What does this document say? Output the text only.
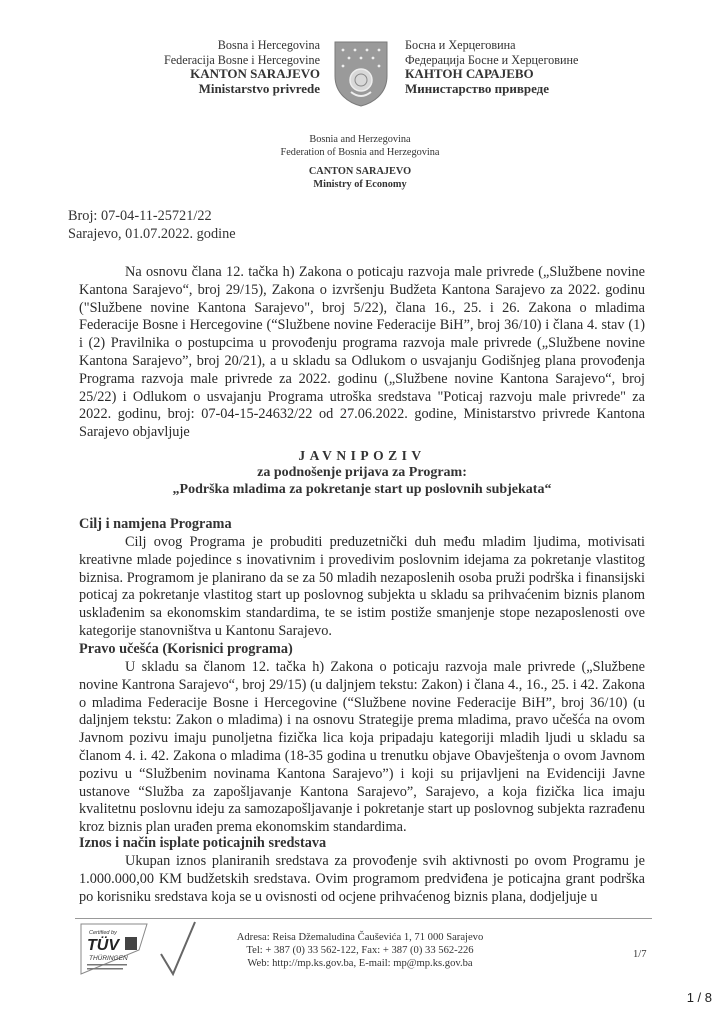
Bosna i Hercegovina
Federacija Bosne i Hercegovine
KANTON SARAJEVO
Ministarstvo privrede
Босна и Херцеговина
Федерација Босне и Херцеговине
КАНТОН САРАЈЕВО
Министарство привреде
Bosnia and Herzegovina
Federation of Bosnia and Herzegovina
CANTON SARAJEVO
Ministry of Economy
Broj: 07-04-11-25721/22
Sarajevo, 01.07.2022. godine

Na osnovu člana 12. tačka h) Zakona o poticaju razvoja male privrede („Službene novine Kantona Sarajevo“, broj 29/15), Zakona o izvršenju Budžeta Kantona Sarajevo za 2022. godinu ("Službene novine Kantona Sarajevo", broj 5/22), člana 16., 25. i 26. Zakona o mladima Federacije Bosne i Hercegovine (“Službene novine Federacije BiH”, broj 36/10) i člana 4. stav (1) i (2) Pravilnika o postupcima u provođenju programa razvoja male privrede („Službene novine Kantona Sarajevo”, broj 20/21), a u skladu sa Odlukom o usvajanju Godišnjeg plana provođenja Programa razvoja male privrede za 2022. godinu („Službene novine Kantona Sarajevo“, broj 25/22) i Odlukom o usvajanju Programa utroška sredstava "Poticaj razvoju male privrede" za 2022. godinu, broj: 07-04-15-24632/22 od 27.06.2022. godine, Ministarstvo privrede Kantona Sarajevo objavljuje

JAVNIPOZIV
za podnošenje prijava za Program:
„Podrška mladima za pokretanje start up poslovnih subjekata“
Cilj i namjena Programa

Cilj ovog Programa je probuditi preduzetnički duh među mladim ljudima, motivisati kreativne mlade pojedince s inovativnim i provedivim poslovnim idejama za pokretanje vlastitog biznisa. Programom je planirano da se za 50 mladih nezaposlenih osoba pruži podrška i finansijski poticaj za pokretanje vlastitog start up poslovnog subjekta u skladu sa prihvaćenim biznis planom usklađenim sa ekonomskim standardima, te se istim postiže smanjenje stope nezaposlenosti ove kategorije stanovništva u Kantonu Sarajevo.

Pravo učešća (Korisnici programa)

U skladu sa članom 12. tačka h) Zakona o poticaju razvoja male privrede („Službene novine Kantrona Sarajevo“, broj 29/15) (u daljnjem tekstu: Zakon) i člana 4., 16., 25. i 42. Zakona o mladima Federacije Bosne i Hercegovine (“Službene novine Federacije BiH”, broj 36/10) (u daljnjem tekstu: Zakon o mladima) i na osnovu Strategije prema mladima, pravo učešća na ovom Javnom pozivu imaju punoljetna fizička lica koja pripadaju kategoriji mladih ljudi u skladu sa članom 4. i. 42. Zakona o mladima (18-35 godina u trenutku objave Obavještenja o ovom Javnom pozivu u “Službenim novinama Kantona Sarajevo”) i koji su prijavljeni na Evidenciji Javne ustanove “Služba za zapošljavanje Kantona Sarajevo”, Sarajevo, a koja fizička lica imaju kvalitetnu poslovnu ideju za samozapošljavanje i pokretanje start up poslovnog subjekta razrađenu kroz biznis plan urađen prema ekonomskim standardima.

Iznos i način isplate poticajnih sredstava

Ukupan iznos planiranih sredstava za provođenje svih aktivnosti po ovom Programu je 1.000.000,00 KM budžetskih sredstava. Ovim programom predviđena je poticajna grant podrška po korisniku sredstava koja se u ovisnosti od ocjene prihvaćenog biznis plana, dodjeljuje u

Certified by
TÜV
THÜRINGEN
Adresa: Reisa Džemaludina Čauševića 1, 71 000 Sarajevo
Tel: + 387 (0) 33 562-122, Fax: + 387 (0) 33 562-226
Web: http://mp.ks.gov.ba, E-mail: mp@mp.ks.gov.ba
1/7
1 / 8
